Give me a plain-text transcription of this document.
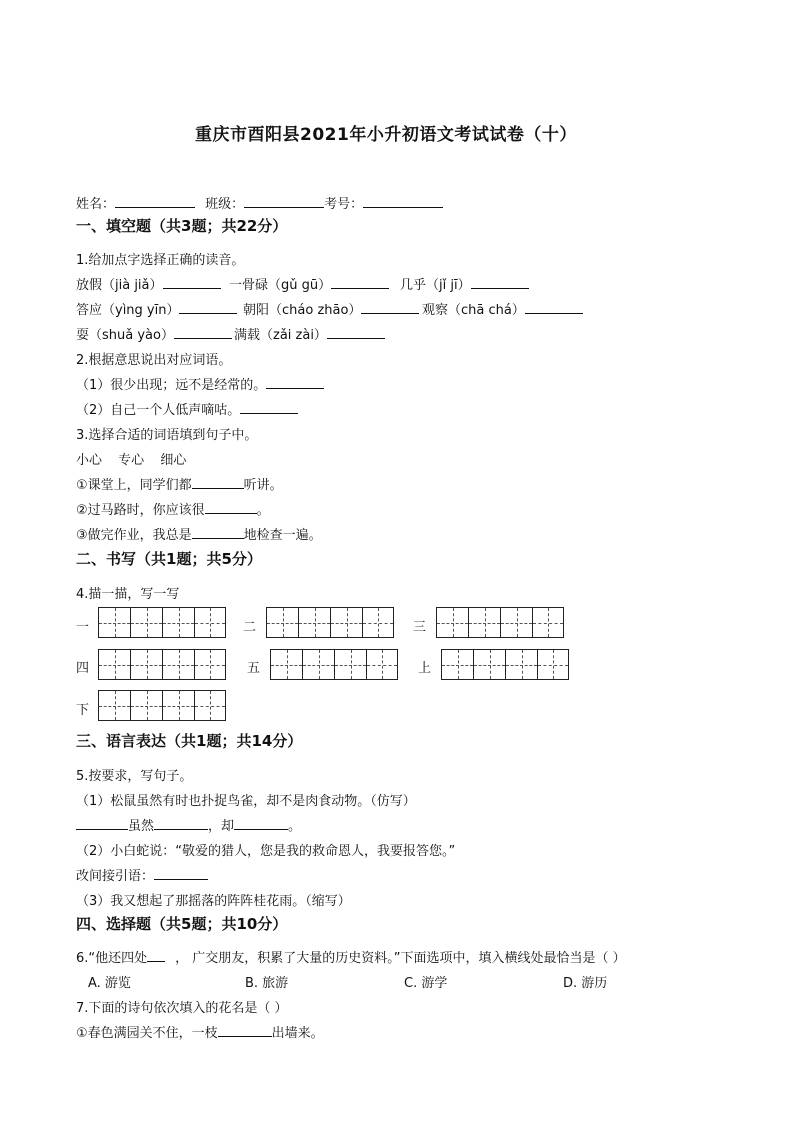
重庆市酉阳县2021年小升初语文考试试卷（十）
姓名：	班级：	考号：
一、填空题（共3题；共22分）
1.给加点字选择正确的读音。
放假（jià jiǎ）	一骨碌（gǔ gū）	几乎（jǐ jī）
答应（yìng yīn）	朝阳（cháo zhāo）	观察（chā chá）
耍（shuǎ yào）	满载（zǎi zài）
2.根据意思说出对应词语。
（1）很少出现；远不是经常的。
（2）自己一个人低声嘀咕。
3.选择合适的词语填到句子中。
小心 专心 细心
①课堂上，同学们都	听讲。
②过马路时，你应该很	。
③做完作业，我总是	地检查一遍。
二、书写（共1题；共5分）
4.描一描，写一写
一	二	三
四	五	上
下
三、语言表达（共1题；共14分）
5.按要求，写句子。
（1）松鼠虽然有时也扑捉鸟雀，却不是肉食动物。（仿写）
虽然	，却	。
（2）小白蛇说：“敬爱的猎人，您是我的救命恩人，我要报答您。”
改间接引语：
（3）我又想起了那摇落的阵阵桂花雨。（缩写）
四、选择题（共5题；共10分）
6.“他还四处 ， 广交朋友，积累了大量的历史资料。”下面选项中，填入横线处最恰当是（ ）
A. 游览	B. 旅游	C. 游学	D. 游历
7.下面的诗句依次填入的花名是（ ）
①春色满园关不住，一枝	出墙来。
